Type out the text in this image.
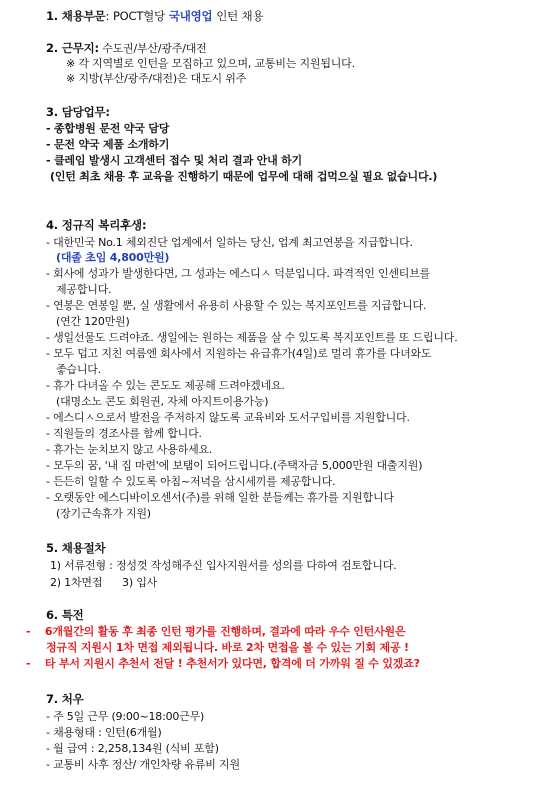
1. 채용부문: POCT혈당 국내영업 인턴 채용
2. 근무지: 수도권/부산/광주/대전
※ 각 지역별로 인턴을 모집하고 있으며, 교통비는 지원됩니다.
※ 지방(부산/광주/대전)은 대도시 위주
3. 담당업무:
- 종합병원 문전 약국 담당
- 문전 약국 제품 소개하기
- 클레임 발생시 고객센터 접수 및 처리 결과 안내 하기
(인턴 최초 채용 후 교육을 진행하기 때문에 업무에 대해 겁먹으실 필요 없습니다.)
4. 정규직 복리후생:
- 대한민국 No.1 체외진단 업계에서 일하는 당신, 업계 최고연봉을 지급합니다.
(대졸 초임 4,800만원)
- 회사에 성과가 발생한다면, 그 성과는 에스디ㅅ 덕분입니다. 파격적인 인센티브를
제공합니다.
- 연봉은 연봉일 뿐, 실 생활에서 유용히 사용할 수 있는 복지포인트를 지급합니다.
(연간 120만원)
- 생일선물도 드려야죠. 생일에는 원하는 제품을 살 수 있도록 복지포인트를 또 드립니다.
- 모두 덥고 지친 여름엔 회사에서 지원하는 유급휴가(4일)로 멀리 휴가를 다녀와도
좋습니다.
- 휴가 다녀올 수 있는 콘도도 제공해 드려야겠네요.
(대명소노 콘도 회원권, 자체 아지트이용가능)
- 에스디ㅅ으로서 발전을 주저하지 않도록 교육비와 도서구입비를 지원합니다.
- 직원들의 경조사를 함께 합니다.
- 휴가는 눈치보지 않고 사용하세요.
- 모두의 꿈, '내 집 마련'에 보탬이 되어드립니다.(주택자금 5,000만원 대출지원)
- 든든히 일할 수 있도록 아침~저녁을 삼시세끼를 제공합니다.
- 오랫동안 에스디바이오센서(주)를 위해 일한 분들께는 휴가를 지원합니다
(장기근속휴가 지원)
5. 채용절차
1) 서류전형 : 정성껏 작성해주신 입사지원서를 성의를 다하여 검토합니다.
2) 1차면접      3) 입사
6. 특전
-    6개월간의 활동 후 최종 인턴 평가를 진행하며, 결과에 따라 우수 인턴사원은
정규직 지원시 1차 면접 제외됩니다. 바로 2차 면접을 볼 수 있는 기회 제공 !
-    타 부서 지원시 추천서 전달 ! 추천서가 있다면, 합격에 더 가까워 질 수 있겠죠?
7. 처우
- 주 5일 근무 (9:00~18:00근무)
- 채용형태 : 인턴(6개월)
- 월 급여 : 2,258,134원 (식비 포함)
- 교통비 사후 정산/ 개인차량 유류비 지원
